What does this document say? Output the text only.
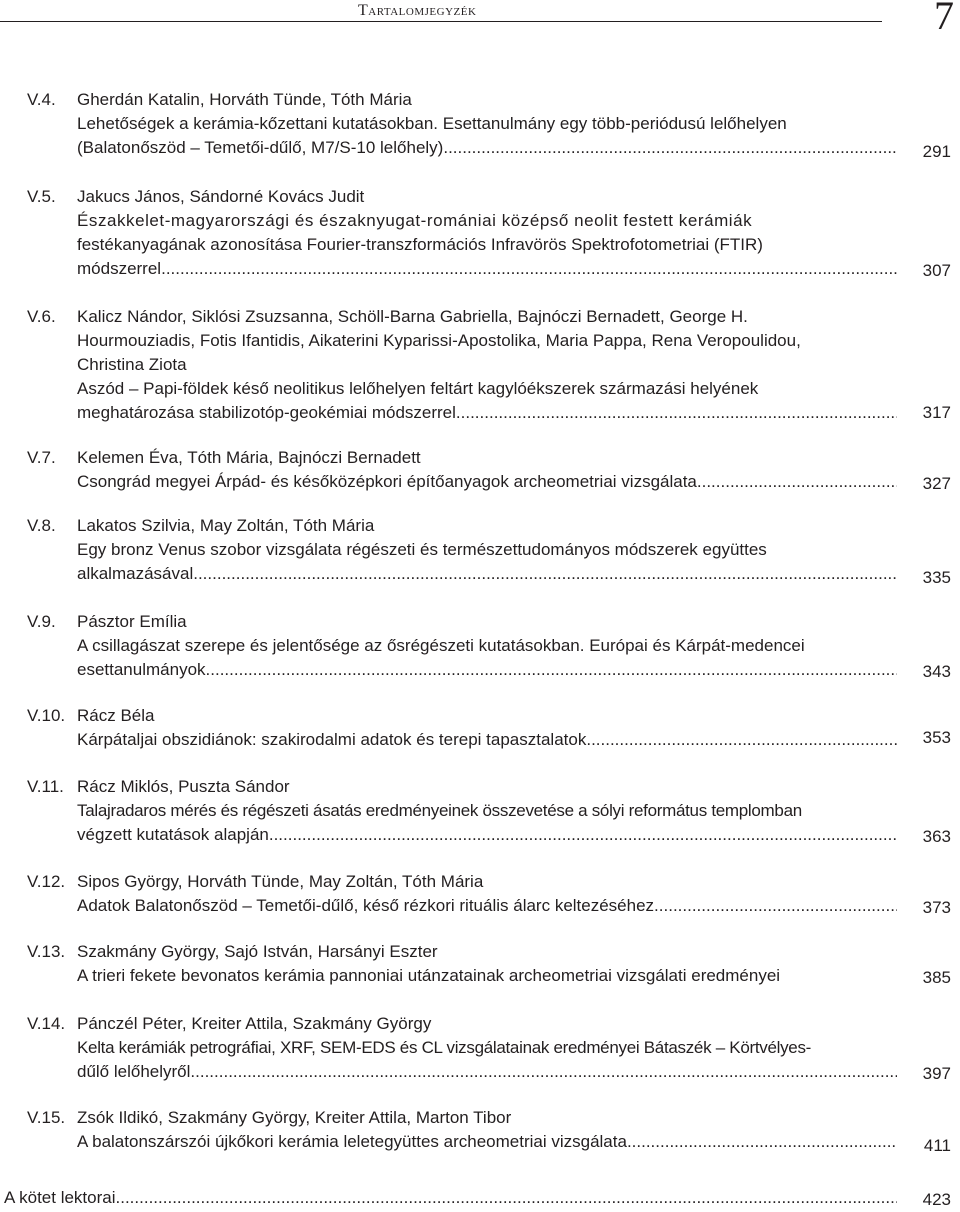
Tartalomjegyzék	7
V.4. Gherdán Katalin, Horváth Tünde, Tóth Mária
Lehetőségek a kerámia-kőzettani kutatásokban. Esettanulmány egy több-periódusú lelőhelyen
(Balatonőszöd – Temetői-dűlő, M7/S-10 lelőhely) .....	291
V.5. Jakucs János, Sándorné Kovács Judit
Északkelet-magyarországi és északnyugat-romániai középső neolit festett kerámiák
festékanyagának azonosítása Fourier-transzformációs Infravörös Spektrofotometriai (FTIR)
módszerrel .....	307
V.6. Kalicz Nándor, Siklósi Zsuzsanna, Schöll-Barna Gabriella, Bajnóczi Bernadett, George H.
Hourmouziadis, Fotis Ifantidis, Aikaterini Kyparissi-Apostolika, Maria Pappa, Rena Veropoulidou,
Christina Ziota
Aszód – Papi-földek késő neolitikus lelőhelyen feltárt kagylóékszerek származási helyének
meghatározása stabilizotóp-geokémiai módszerrel .....	317
V.7. Kelemen Éva, Tóth Mária, Bajnóczi Bernadett
Csongrád megyei Árpád- és későközépkori építőanyagok archeometriai vizsgálata .....	327
V.8. Lakatos Szilvia, May Zoltán, Tóth Mária
Egy bronz Venus szobor vizsgálata régészeti és természettudományos módszerek együttes
alkalmazásával .....	335
V.9. Pásztor Emília
A csillagászat szerepe és jelentősége az ősrégészeti kutatásokban. Európai és Kárpát-medencei
esettanulmányok .....	343
V.10. Rácz Béla
Kárpátaljai obszidiánok: szakirodalmi adatok és terepi tapasztalatok .....	353
V.11. Rácz Miklós, Puszta Sándor
Talajradaros mérés és régészeti ásatás eredményeinek összevetése a sólyi református templomban
végzett kutatások alapján .....	363
V.12. Sipos György, Horváth Tünde, May Zoltán, Tóth Mária
Adatok Balatonőszöd – Temetői-dűlő, késő rézkori rituális álarc keltezéséhez .....	373
V.13. Szakmány György, Sajó István, Harsányi Eszter
A trieri fekete bevonatos kerámia pannoniai utánzatainak archeometriai vizsgálati eredményei	385
V.14. Pánczél Péter, Kreiter Attila, Szakmány György
Kelta kerámiák petrográfiai, XRF, SEM-EDS és CL vizsgálatainak eredményei Bátaszék – Körtvélyes-
dűlő lelőhelyről .....	397
V.15. Zsók Ildikó, Szakmány György, Kreiter Attila, Marton Tibor
A balatonszárszói újkőkori kerámia leletegyüttes archeometriai vizsgálata .....	411
A kötet lektorai .....	423
